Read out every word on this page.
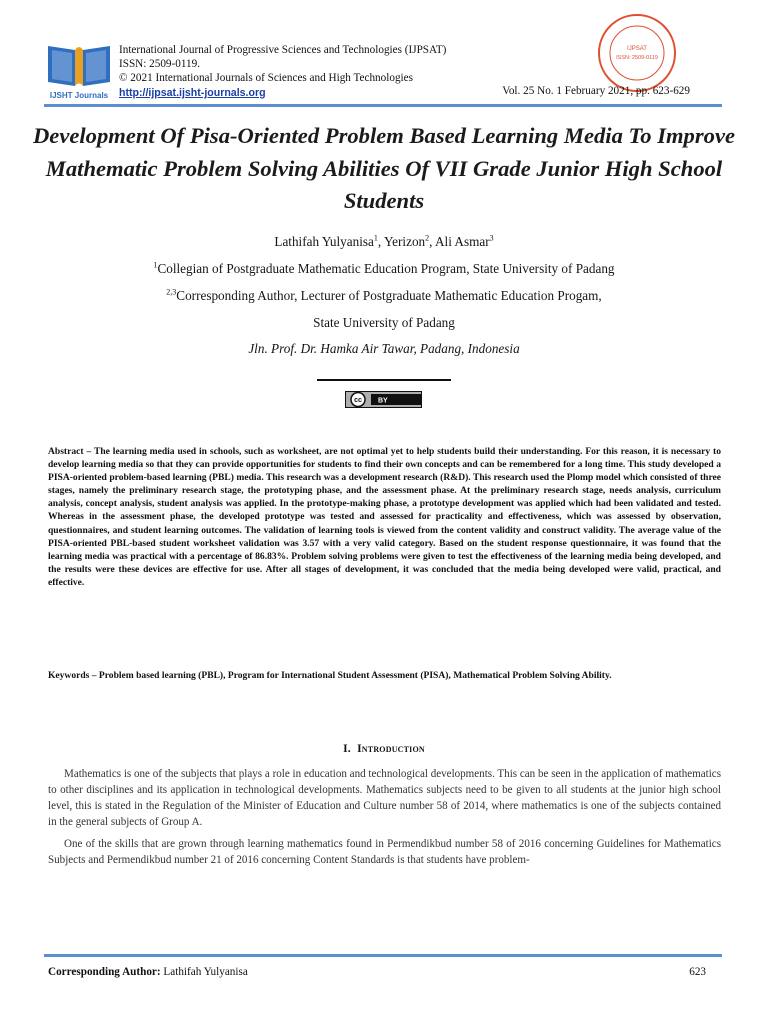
IJSHT Journals
International Journal of Progressive Sciences and Technologies (IJPSAT)
ISSN: 2509-0119.
© 2021 International Journals of Sciences and High Technologies
http://ijpsat.ijsht-journals.org
IJPSAT
ISSN: 2509-0119
Vol. 25 No. 1 February 2021, pp. 623-629
Development Of Pisa-Oriented Problem Based Learning Media To Improve Mathematic Problem Solving Abilities Of VII Grade Junior High School Students
Lathifah Yulyanisa$^1$, Yerizon$^2$, Ali Asmar$^3$
$^1$Collegian of Postgraduate Mathematic Education Program, State University of Padang
$^{2,3}$Corresponding Author, Lecturer of Postgraduate Mathematic Education Progam,
State University of Padang
Jln. Prof. Dr. Hamka Air Tawar, Padang, Indonesia
cc BY

Abstract – The learning media used in schools, such as worksheet, are not optimal yet to help students build their understanding. For this reason, it is necessary to develop learning media so that they can provide opportunities for students to find their own concepts and can be remembered for a long time. This study developed a PISA-oriented problem-based learning (PBL) media. This research was a development research (R&D). This research used the Plomp model which consisted of three stages, namely the preliminary research stage, the prototyping phase, and the assessment phase. At the preliminary research stage, needs analysis, curriculum analysis, concept analysis, student analysis was applied. In the prototype-making phase, a prototype development was applied which had been validated and tested. Whereas in the assessment phase, the developed prototype was tested and assessed for practicality and effectiveness, which was assessed by observation, questionnaires, and student learning outcomes. The validation of learning tools is viewed from the content validity and construct validity. The average value of the PISA-oriented PBL-based student worksheet validation was 3.57 with a very valid category. Based on the student response questionnaire, it was found that the learning media was practical with a percentage of 86.83%. Problem solving problems were given to test the effectiveness of the learning media being developed, and the results were these devices are effective for use. After all stages of development, it was concluded that the media being developed were valid, practical, and effective.

Keywords – Problem based learning (PBL), Program for International Student Assessment (PISA), Mathematical Problem Solving Ability.

I. Introduction

Mathematics is one of the subjects that plays a role in education and technological developments. This can be seen in the application of mathematics to other disciplines and its application in technological developments. Mathematics subjects need to be given to all students at the junior high school level, this is stated in the Regulation of the Minister of Education and Culture number 58 of 2014, where mathematics is one of the subjects contained in the general subjects of Group A.

One of the skills that are grown through learning mathematics found in Permendikbud number 58 of 2016 concerning Guidelines for Mathematics Subjects and Permendikbud number 21 of 2016 concerning Content Standards is that students have problem-

Corresponding Author: Lathifah Yulyanisa	623
